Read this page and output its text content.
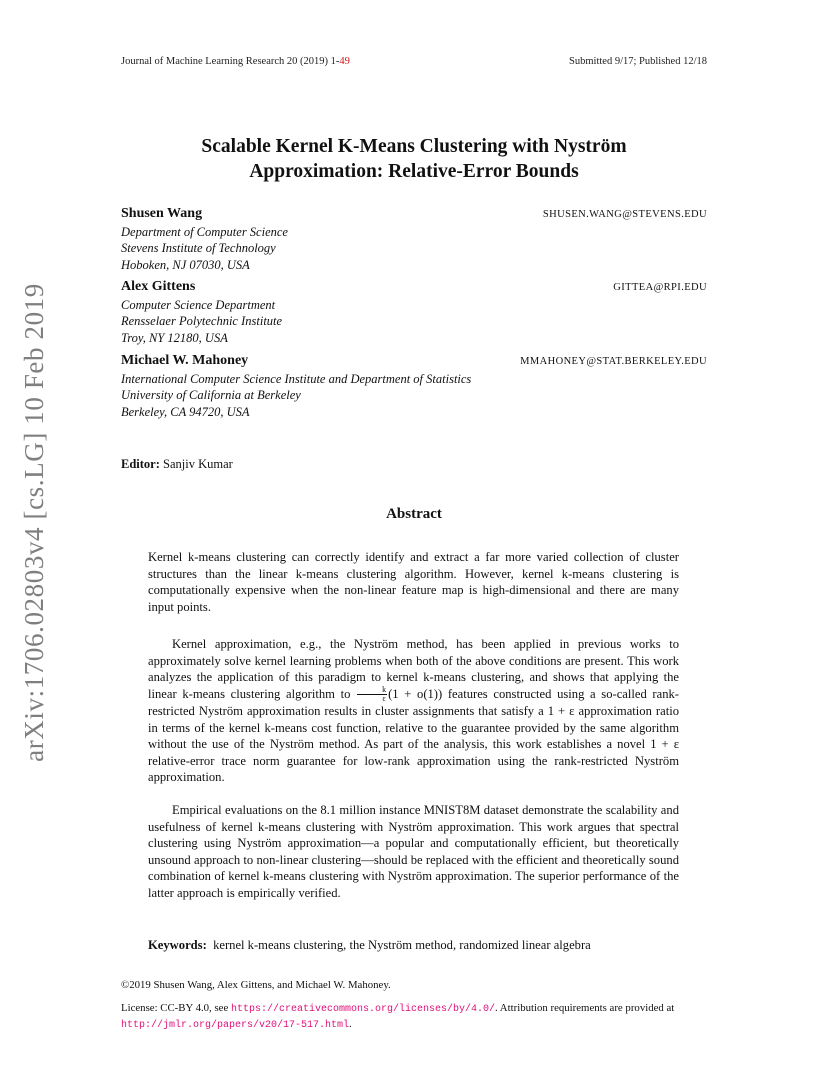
Journal of Machine Learning Research 20 (2019) 1-49	Submitted 9/17; Published 12/18
arXiv:1706.02803v4 [cs.LG] 10 Feb 2019
Scalable Kernel K-Means Clustering with Nyström
Approximation: Relative-Error Bounds
Shusen Wang	SHUSEN.WANG@STEVENS.EDU
Department of Computer Science
Stevens Institute of Technology
Hoboken, NJ 07030, USA
Alex Gittens	GITTEA@RPI.EDU
Computer Science Department
Rensselaer Polytechnic Institute
Troy, NY 12180, USA
Michael W. Mahoney	MMAHONEY@STAT.BERKELEY.EDU
International Computer Science Institute and Department of Statistics
University of California at Berkeley
Berkeley, CA 94720, USA
Editor: Sanjiv Kumar
Abstract
Kernel k-means clustering can correctly identify and extract a far more varied collection of cluster structures than the linear k-means clustering algorithm. However, kernel k-means clustering is computationally expensive when the non-linear feature map is high-dimensional and there are many input points.
Kernel approximation, e.g., the Nyström method, has been applied in previous works to approximately solve kernel learning problems when both of the above conditions are present. This work analyzes the application of this paradigm to kernel k-means clustering, and shows that applying the linear k-means clustering algorithm to $\frac{k}{\varepsilon} (1 + o(1))$ features constructed using a so-called rank-restricted Nyström approximation results in cluster assignments that satisfy a 1 + ε approximation ratio in terms of the kernel k-means cost function, relative to the guarantee provided by the same algorithm without the use of the Nyström method. As part of the analysis, this work establishes a novel 1 + ε relative-error trace norm guarantee for low-rank approximation using the rank-restricted Nyström approximation.
Empirical evaluations on the 8.1 million instance MNIST8M dataset demonstrate the scalability and usefulness of kernel k-means clustering with Nyström approximation. This work argues that spectral clustering using Nyström approximation—a popular and computationally efficient, but theoretically unsound approach to non-linear clustering—should be replaced with the efficient and theoretically sound combination of kernel k-means clustering with Nyström approximation. The superior performance of the latter approach is empirically verified.
Keywords: kernel k-means clustering, the Nyström method, randomized linear algebra
©2019 Shusen Wang, Alex Gittens, and Michael W. Mahoney.
License: CC-BY 4.0, see https://creativecommons.org/licenses/by/4.0/. Attribution requirements are provided at http://jmlr.org/papers/v20/17-517.html.
